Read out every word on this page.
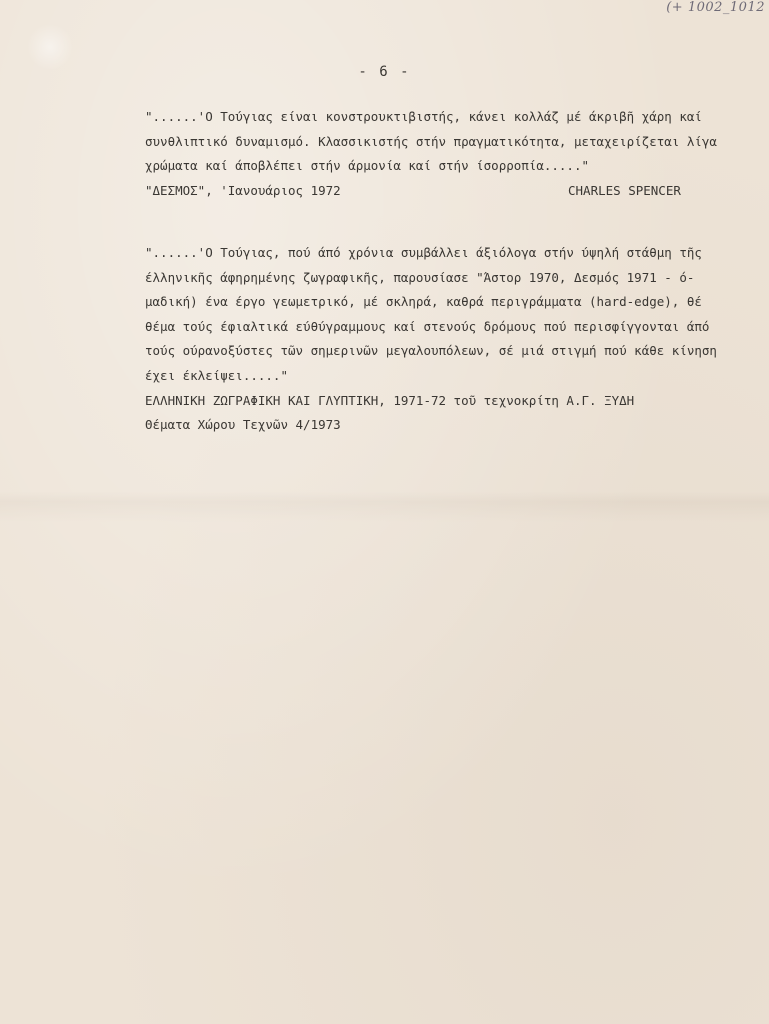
(+ 1002_1012
- 6 -
"......'Ο Τούγιας είναι κονστρουκτιβιστής, κάνει κολλάζ μέ άκριβῆ χάρη καί
συνθλιπτικό δυναμισμό. Κλασσικιστής στήν πραγματικότητα, μεταχειρίζεται λίγα
χρώματα καί άποβλέπει στήν άρμονία καί στήν ίσορροπία....."
"ΔΕΣΜΟΣ", 'Ιανουάριος 1972	CHARLES SPENCER
"......'Ο Τούγιας, πού άπό χρόνια συμβάλλει άξιόλογα στήν ύψηλή στάθμη τῆς
έλληνικῆς άφηρημένης ζωγραφικῆς, παρουσίασε "Άστορ 1970, Δεσμός 1971 - ό-
μαδική) ένα έργο γεωμετρικό, μέ σκληρά, καθρά περιγράμματα (hard-edge), θέ
θέμα τούς έφιαλτικά εύθύγραμμους καί στενούς δρόμους πού περισφίγγονται άπό
τούς ούρανοξύστες τῶν σημερινῶν μεγαλουπόλεων, σέ μιά στιγμή πού κάθε κίνηση
έχει έκλείψει....."
ΕΛΛΗΝΙΚΗ ΖΩΓΡΑΦΙΚΗ ΚΑΙ ΓΛΥΠΤΙΚΗ, 1971-72 τοῦ τεχνοκρίτη Α.Γ. ΞΥΔΗ
Θέματα Χώρου Τεχνῶν 4/1973
